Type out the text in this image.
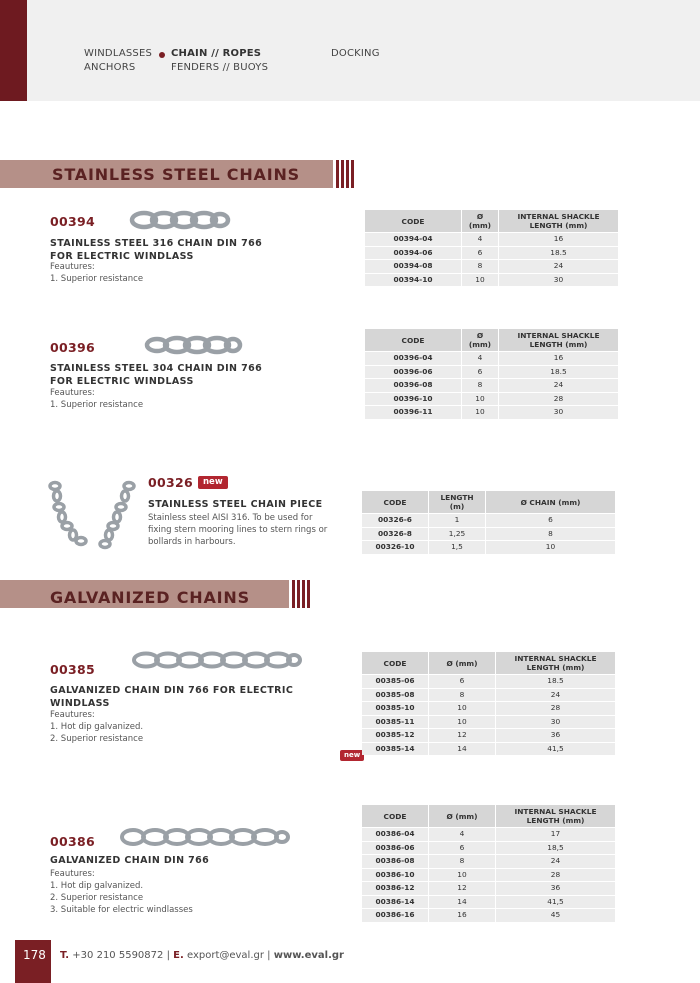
WINDLASSES
ANCHORS
CHAIN // ROPES
FENDERS // BUOYS
DOCKING
STAINLESS STEEL CHAINS
00394
STAINLESS STEEL 316 CHAIN DIN 766
FOR ELECTRIC WINDLASS
Feautures:
1. Superior resistance
CODE	Ø (mm)	INTERNAL SHACKLE LENGTH (mm)
00394-04	4	16
00394-06	6	18.5
00394-08	8	24
00394-10	10	30
00396
STAINLESS STEEL 304 CHAIN DIN 766
FOR ELECTRIC WINDLASS
Feautures:
1. Superior resistance
CODE	Ø (mm)	INTERNAL SHACKLE LENGTH (mm)
00396-04	4	16
00396-06	6	18.5
00396-08	8	24
00396-10	10	28
00396-11	10	30
00326	new
STAINLESS STEEL CHAIN PIECE
Stainless steel AISI 316. To be used for
fixing stern mooring lines to stern rings or
bollards in harbours.
CODE	LENGTH (m)	Ø CHAIN (mm)
00326-6	1	6
00326-8	1,25	8
00326-10	1,5	10
GALVANIZED CHAINS
00385
GALVANIZED CHAIN DIN 766 FOR ELECTRIC
WINDLASS
Feautures:
1. Hot dip galvanized.
2. Superior resistance
new
CODE	Ø (mm)	INTERNAL SHACKLE LENGTH (mm)
00385-06	6	18.5
00385-08	8	24
00385-10	10	28
00385-11	10	30
00385-12	12	36
00385-14	14	41,5
00386
GALVANIZED CHAIN DIN 766
Feautures:
1. Hot dip galvanized.
2. Superior resistance
3. Suitable for electric windlasses
CODE	Ø (mm)	INTERNAL SHACKLE LENGTH (mm)
00386-04	4	17
00386-06	6	18,5
00386-08	8	24
00386-10	10	28
00386-12	12	36
00386-14	14	41,5
00386-16	16	45
178 T. +30 210 5590872 | E. export@eval.gr | www.eval.gr
